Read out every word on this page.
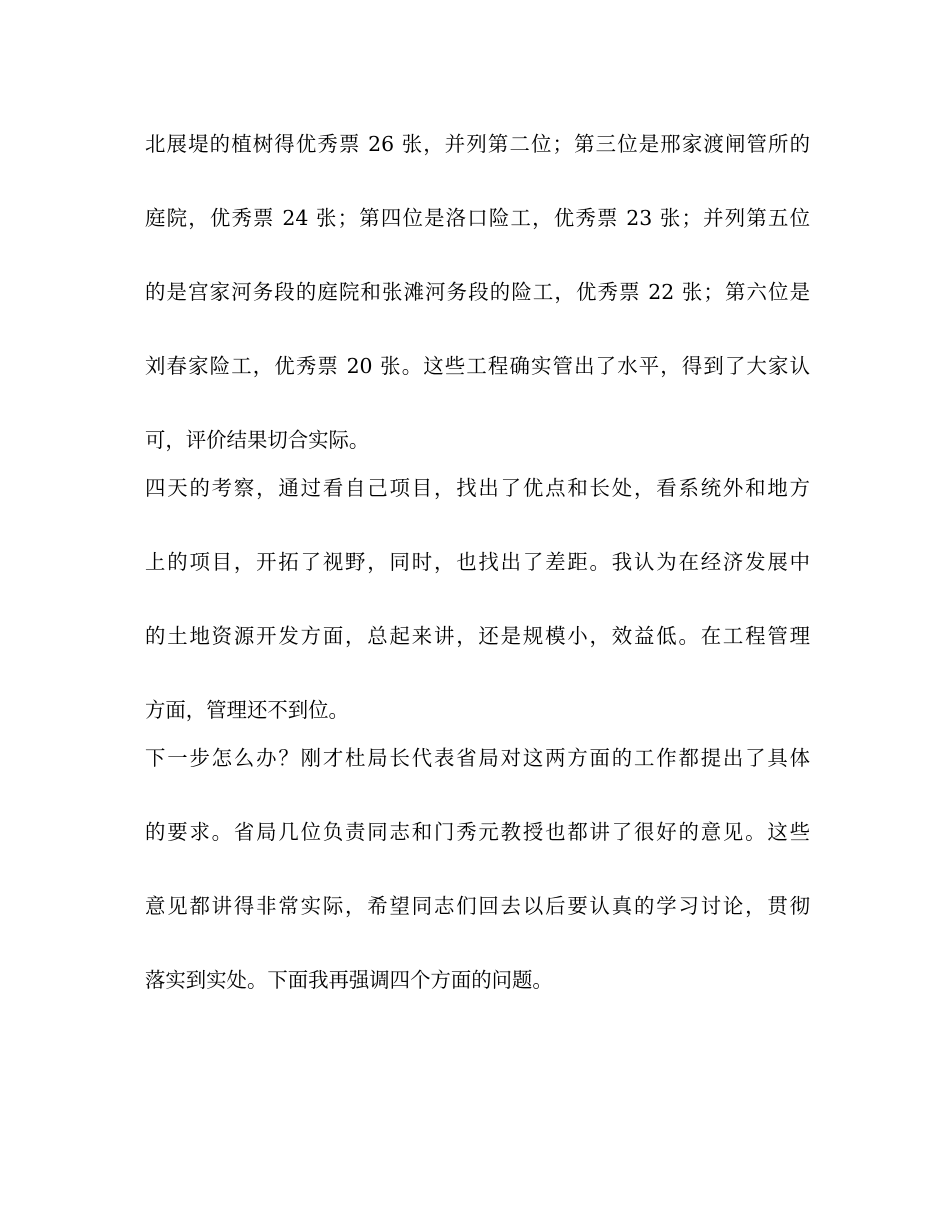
北展堤的植树得优秀票 26 张，并列第二位；第三位是邢家渡闸管所的
庭院，优秀票 24 张；第四位是洛口险工，优秀票 23 张；并列第五位
的是宫家河务段的庭院和张滩河务段的险工，优秀票 22 张；第六位是
刘春家险工，优秀票 20 张。这些工程确实管出了水平，得到了大家认
可，评价结果切合实际。
四天的考察，通过看自己项目，找出了优点和长处，看系统外和地方
上的项目，开拓了视野，同时，也找出了差距。我认为在经济发展中
的土地资源开发方面，总起来讲，还是规模小，效益低。在工程管理
方面，管理还不到位。
下一步怎么办？刚才杜局长代表省局对这两方面的工作都提出了具体
的要求。省局几位负责同志和门秀元教授也都讲了很好的意见。这些
意见都讲得非常实际，希望同志们回去以后要认真的学习讨论，贯彻
落实到实处。下面我再强调四个方面的问题。
